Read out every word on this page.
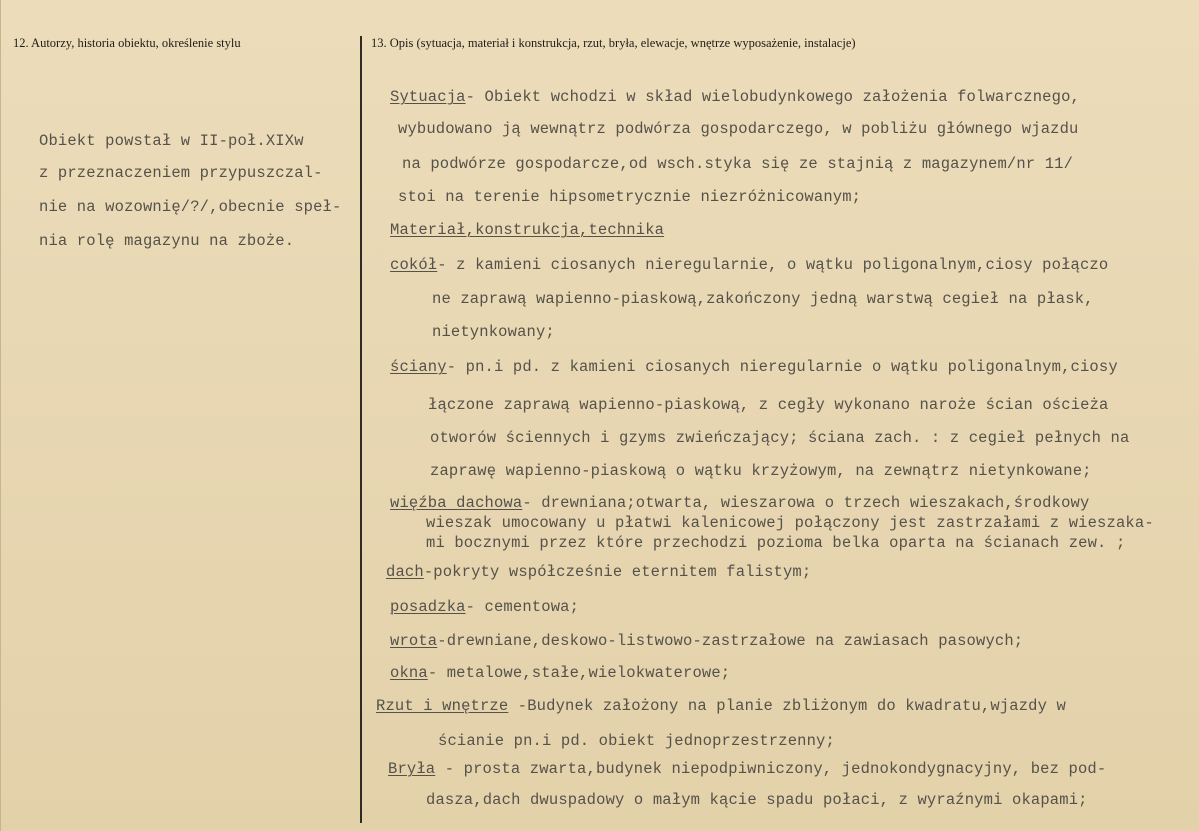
12. Autorzy, historia obiektu, określenie stylu	13. Opis (sytuacja, materiał i konstrukcja, rzut, bryła, elewacje, wnętrze wyposażenie, instalacje)
Obiekt powstał w II-poł.XIXw
z przeznaczeniem przypuszczal-
nie na wozownię/?/,obecnie speł-
nia rolę magazynu na zboże.
Sytuacja- Obiekt wchodzi w skład wielobudynkowego założenia folwarcznego,
wybudowano ją wewnątrz podwórza gospodarczego, w pobliżu głównego wjazdu
na podwórze gospodarcze,od wsch.styka się ze stajnią z magazynem/nr 11/
stoi na terenie hipsometrycznie niezróżnicowanym;
Materiał,konstrukcja,technika
cokół- z kamieni ciosanych nieregularnie, o wątku poligonalnym,ciosy połączo
ne zaprawą wapienno-piaskową,zakończony jedną warstwą cegieł na płask,
nietynkowany;
ściany- pn.i pd. z kamieni ciosanych nieregularnie o wątku poligonalnym,ciosy
łączone zaprawą wapienno-piaskową, z cegły wykonano naroże ścian ościeża
otworów ściennych i gzyms zwieńczający; ściana zach. : z cegieł pełnych na
zaprawę wapienno-piaskową o wątku krzyżowym, na zewnątrz nietynkowane;
więźba dachowa- drewniana;otwarta, wieszarowa o trzech wieszakach,środkowy
wieszak umocowany u płatwi kalenicowej połączony jest zastrzałami z wieszaka-
mi bocznymi przez które przechodzi pozioma belka oparta na ścianach zew. ;
dach-pokryty współcześnie eternitem falistym;
posadzka- cementowa;
wrota-drewniane,deskowo-listwowo-zastrzałowe na zawiasach pasowych;
okna- metalowe,stałe,wielokwaterowe;
Rzut i wnętrze -Budynek założony na planie zbliżonym do kwadratu,wjazdy w
ścianie pn.i pd. obiekt jednoprzestrzenny;
Bryła - prosta zwarta,budynek niepodpiwniczony, jednokondygnacyjny, bez pod-
dasza,dach dwuspadowy o małym kącie spadu połaci, z wyraźnymi okapami;
